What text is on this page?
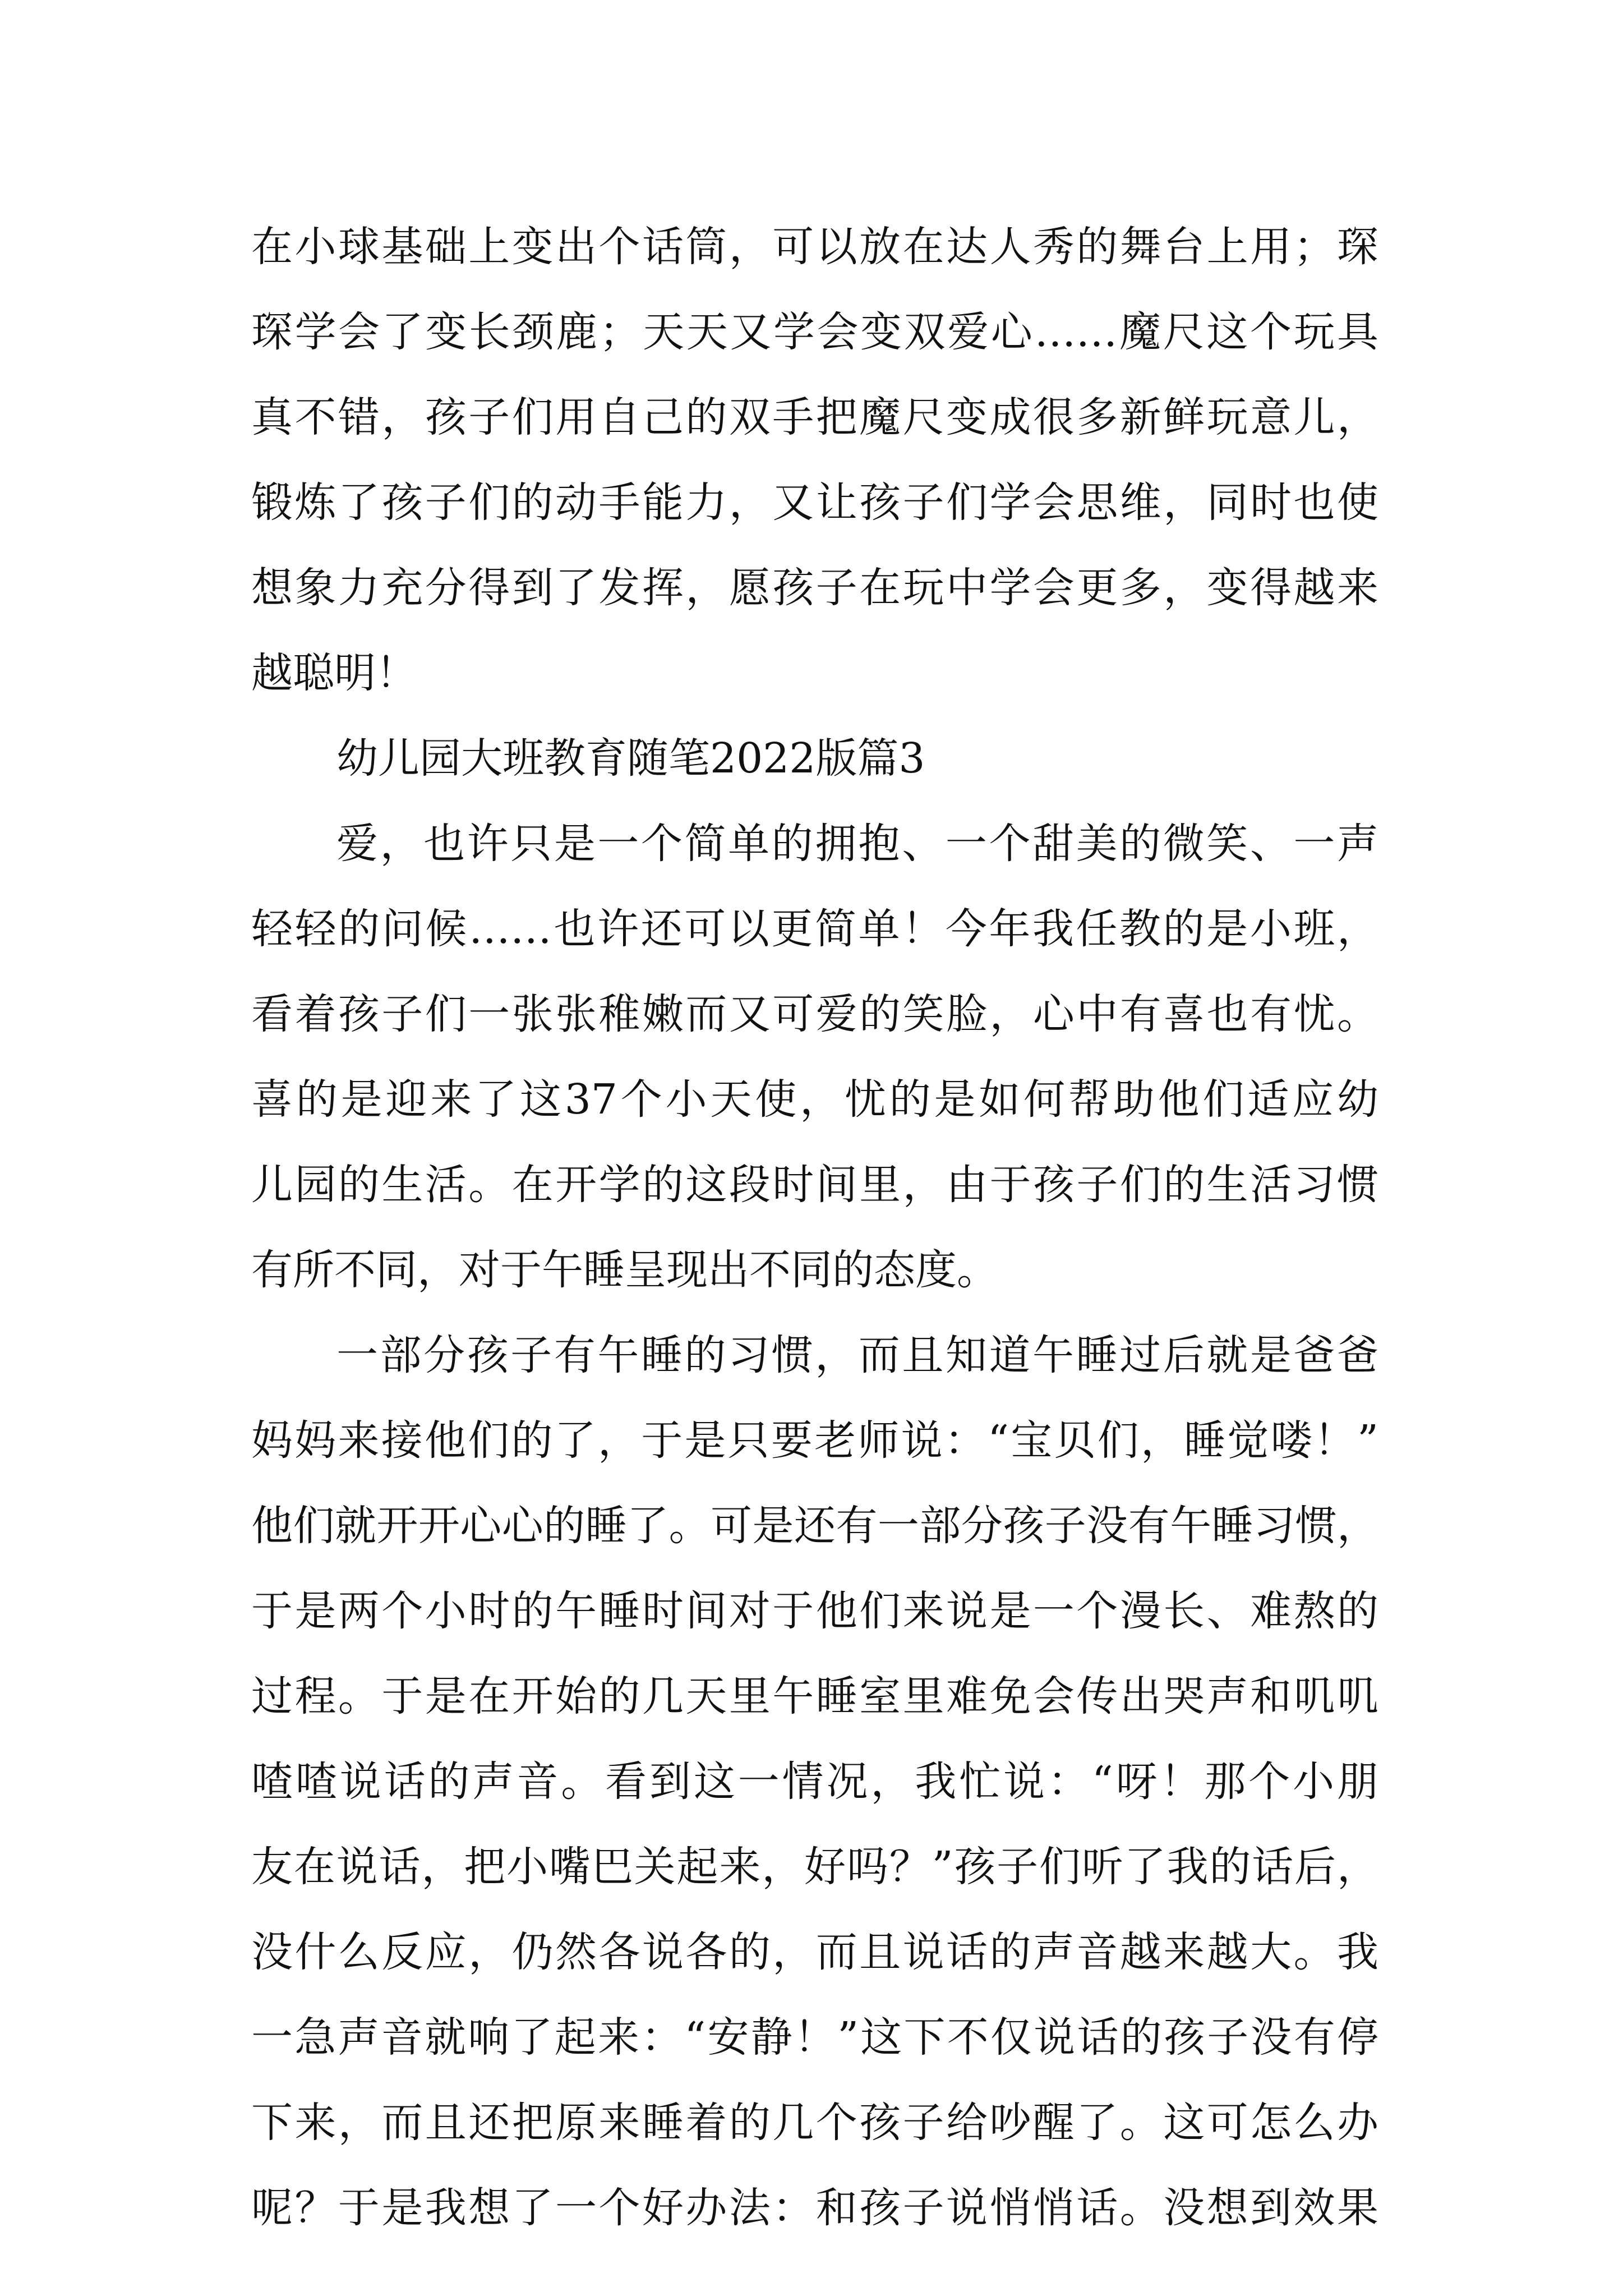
在小球基础上变出个话筒，可以放在达人秀的舞台上用；琛
琛学会了变长颈鹿；天天又学会变双爱心……魔尺这个玩具
真不错，孩子们用自己的双手把魔尺变成很多新鲜玩意儿，
锻炼了孩子们的动手能力，又让孩子们学会思维，同时也使
想象力充分得到了发挥，愿孩子在玩中学会更多，变得越来
越聪明！
幼儿园大班教育随笔2022版篇3
爱，也许只是一个简单的拥抱、一个甜美的微笑、一声
轻轻的问候……也许还可以更简单！今年我任教的是小班，
看着孩子们一张张稚嫩而又可爱的笑脸，心中有喜也有忧。
喜的是迎来了这37个小天使，忧的是如何帮助他们适应幼
儿园的生活。在开学的这段时间里，由于孩子们的生活习惯
有所不同，对于午睡呈现出不同的态度。
一部分孩子有午睡的习惯，而且知道午睡过后就是爸爸
妈妈来接他们的了，于是只要老师说：“宝贝们，睡觉喽！”
他们就开开心心的睡了。可是还有一部分孩子没有午睡习惯，
于是两个小时的午睡时间对于他们来说是一个漫长、难熬的
过程。于是在开始的几天里午睡室里难免会传出哭声和叽叽
喳喳说话的声音。看到这一情况，我忙说：“呀！那个小朋
友在说话，把小嘴巴关起来，好吗？”孩子们听了我的话后，
没什么反应，仍然各说各的，而且说话的声音越来越大。我
一急声音就响了起来：“安静！”这下不仅说话的孩子没有停
下来，而且还把原来睡着的几个孩子给吵醒了。这可怎么办
呢？于是我想了一个好办法：和孩子说悄悄话。没想到效果
